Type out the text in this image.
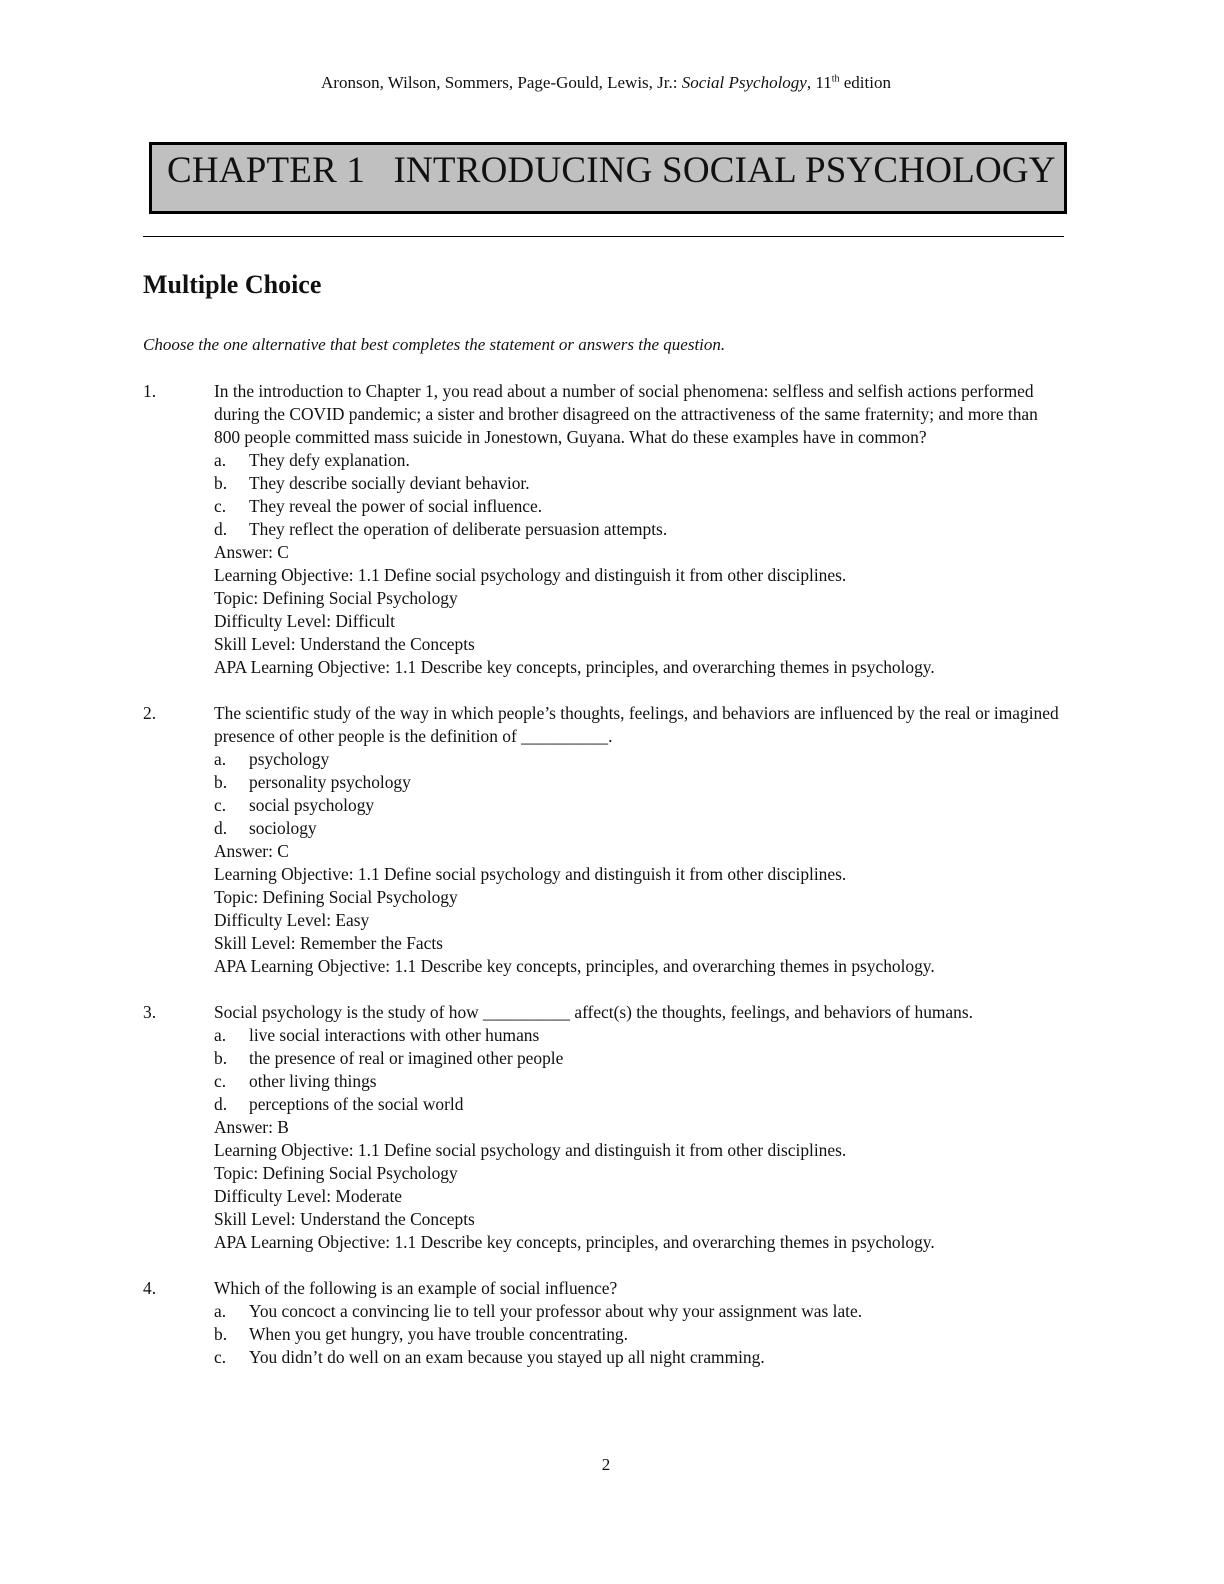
Aronson, Wilson, Sommers, Page-Gould, Lewis, Jr.: Social Psychology, 11th edition
CHAPTER 1   INTRODUCING SOCIAL PSYCHOLOGY
Multiple Choice
Choose the one alternative that best completes the statement or answers the question.
1.	In the introduction to Chapter 1, you read about a number of social phenomena: selfless and selfish actions performed during the COVID pandemic; a sister and brother disagreed on the attractiveness of the same fraternity; and more than 800 people committed mass suicide in Jonestown, Guyana. What do these examples have in common?
a.	They defy explanation.
b.	They describe socially deviant behavior.
c.	They reveal the power of social influence.
d.	They reflect the operation of deliberate persuasion attempts.
Answer: C
Learning Objective: 1.1 Define social psychology and distinguish it from other disciplines.
Topic: Defining Social Psychology
Difficulty Level: Difficult
Skill Level: Understand the Concepts
APA Learning Objective: 1.1 Describe key concepts, principles, and overarching themes in psychology.
2.	The scientific study of the way in which people’s thoughts, feelings, and behaviors are influenced by the real or imagined presence of other people is the definition of __________.
a.	psychology
b.	personality psychology
c.	social psychology
d.	sociology
Answer: C
Learning Objective: 1.1 Define social psychology and distinguish it from other disciplines.
Topic: Defining Social Psychology
Difficulty Level: Easy
Skill Level: Remember the Facts
APA Learning Objective: 1.1 Describe key concepts, principles, and overarching themes in psychology.
3.	Social psychology is the study of how __________ affect(s) the thoughts, feelings, and behaviors of humans.
a.	live social interactions with other humans
b.	the presence of real or imagined other people
c.	other living things
d.	perceptions of the social world
Answer: B
Learning Objective: 1.1 Define social psychology and distinguish it from other disciplines.
Topic: Defining Social Psychology
Difficulty Level: Moderate
Skill Level: Understand the Concepts
APA Learning Objective: 1.1 Describe key concepts, principles, and overarching themes in psychology.
4.	Which of the following is an example of social influence?
a.	You concoct a convincing lie to tell your professor about why your assignment was late.
b.	When you get hungry, you have trouble concentrating.
c.	You didn’t do well on an exam because you stayed up all night cramming.
2
